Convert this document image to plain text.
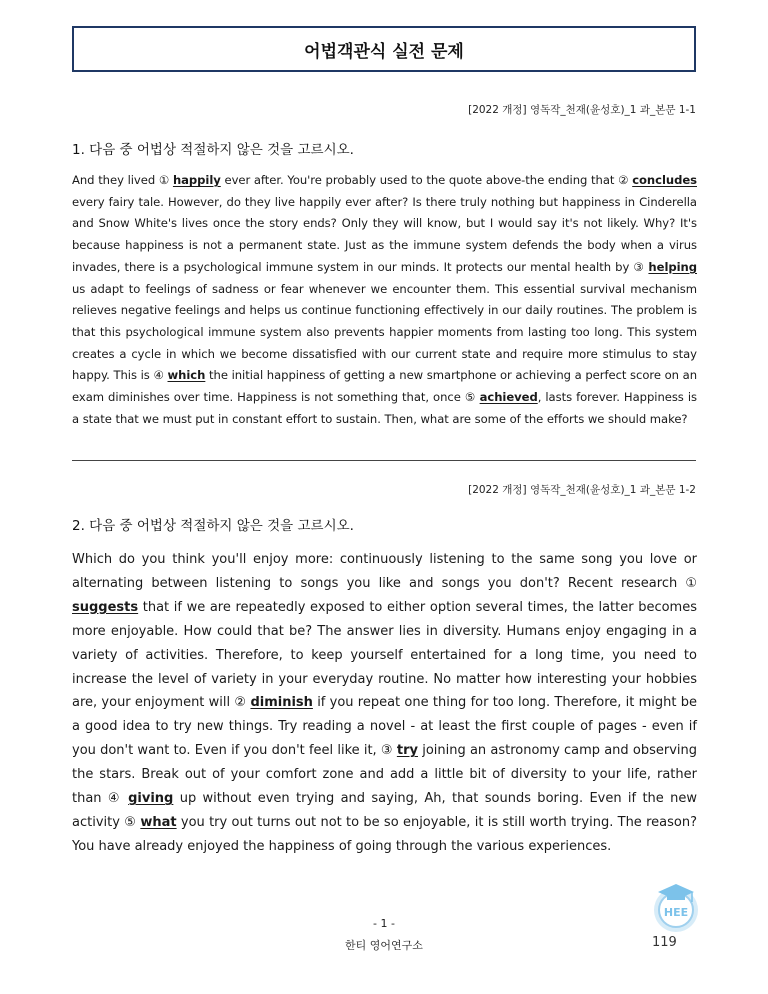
어법객관식 실전 문제
[2022 개정] 영독작_천재(윤성호)_1 과_본문 1-1
1. 다음 중 어법상 적절하지 않은 것을 고르시오.
And they lived ① happily ever after. You're probably used to the quote above-the ending that ② concludes every fairy tale. However, do they live happily ever after? Is there truly nothing but happiness in Cinderella and Snow White's lives once the story ends? Only they will know, but I would say it's not likely. Why? It's because happiness is not a permanent state. Just as the immune system defends the body when a virus invades, there is a psychological immune system in our minds. It protects our mental health by ③ helping us adapt to feelings of sadness or fear whenever we encounter them. This essential survival mechanism relieves negative feelings and helps us continue functioning effectively in our daily routines. The problem is that this psychological immune system also prevents happier moments from lasting too long. This system creates a cycle in which we become dissatisfied with our current state and require more stimulus to stay happy. This is ④ which the initial happiness of getting a new smartphone or achieving a perfect score on an exam diminishes over time. Happiness is not something that, once ⑤ achieved, lasts forever. Happiness is a state that we must put in constant effort to sustain. Then, what are some of the efforts we should make?
[2022 개정] 영독작_천재(윤성호)_1 과_본문 1-2
2. 다음 중 어법상 적절하지 않은 것을 고르시오.
Which do you think you'll enjoy more: continuously listening to the same song you love or alternating between listening to songs you like and songs you don't? Recent research ① suggests that if we are repeatedly exposed to either option several times, the latter becomes more enjoyable. How could that be? The answer lies in diversity. Humans enjoy engaging in a variety of activities. Therefore, to keep yourself entertained for a long time, you need to increase the level of variety in your everyday routine. No matter how interesting your hobbies are, your enjoyment will ② diminish if you repeat one thing for too long. Therefore, it might be a good idea to try new things. Try reading a novel - at least the first couple of pages - even if you don't want to. Even if you don't feel like it, ③ try joining an astronomy camp and observing the stars. Break out of your comfort zone and add a little bit of diversity to your life, rather than ④ giving up without even trying and saying, Ah, that sounds boring. Even if the new activity ⑤ what you try out turns out not to be so enjoyable, it is still worth trying. The reason? You have already enjoyed the happiness of going through the various experiences.
- 1 -
한티 영어연구소	119
HEE
